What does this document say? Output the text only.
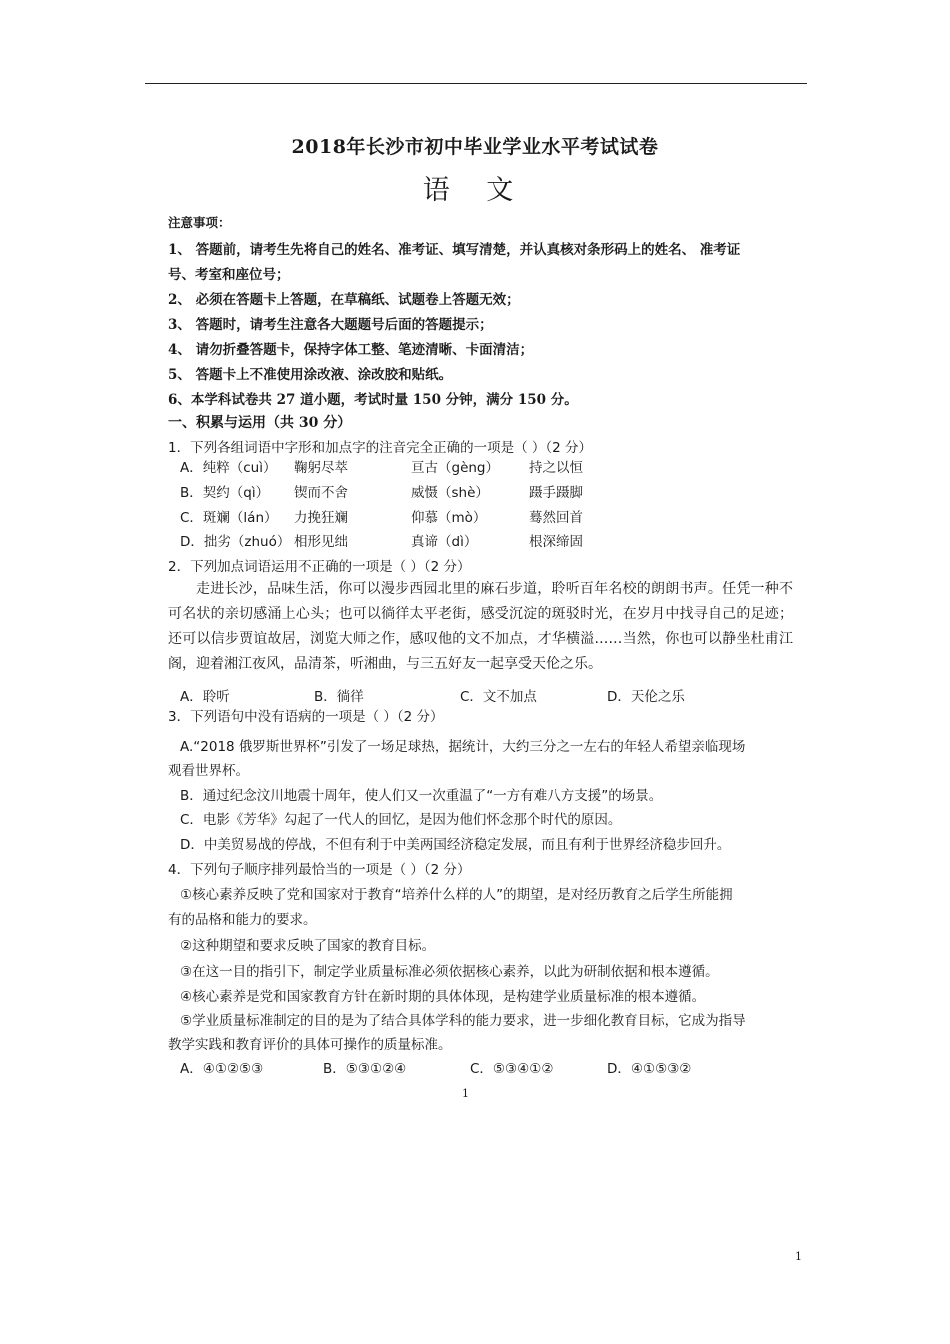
2018年长沙市初中毕业学业水平考试试卷
语 文
注意事项：
1、 答题前，请考生先将自己的姓名、准考证、填写清楚，并认真核对条形码上的姓名、 准考证
号、考室和座位号；
2、 必须在答题卡上答题，在草稿纸、试题卷上答题无效；
3、 答题时，请考生注意各大题题号后面的答题提示；
4、 请勿折叠答题卡，保持字体工整、笔迹清晰、卡面清洁；
5、 答题卡上不准使用涂改液、涂改胶和贴纸。
6、本学科试卷共 27 道小题，考试时量 150 分钟，满分 150 分。
一、积累与运用（共 30 分）
1．下列各组词语中字形和加点字的注音完全正确的一项是（ ）（2 分）
A．纯粹（cuì） 鞠躬尽萃	亘古（gèng） 持之以恒
B．契约（qì） 锲而不舍	威慑（shè）	蹑手蹑脚
C．斑斓（lán） 力挽狂斓	仰慕（mò）	蓦然回首
D．拙劣（zhuó） 相形见绌	真谛（dì）	根深缔固
2．下列加点词语运用不正确的一项是（ ）（2 分）
走进长沙，品味生活，你可以漫步西园北里的麻石步道，聆听百年名校的朗朗书声。任凭一种不可名状的亲切感涌上心头；也可以徜徉太平老街，感受沉淀的斑驳时光，在岁月中找寻自己的足迹；还可以信步贾谊故居，浏览大师之作，感叹他的文不加点，才华横溢……当然，你也可以静坐杜甫江阁，迎着湘江夜风，品清茶，听湘曲，与三五好友一起享受天伦之乐。
A．聆听	B．徜徉	C．文不加点	D．天伦之乐
3．下列语句中没有语病的一项是（ ）（2 分）
A.“2018 俄罗斯世界杯”引发了一场足球热，据统计，大约三分之一左右的年轻人希望亲临现场
观看世界杯。
B．通过纪念汶川地震十周年，使人们又一次重温了“一方有难八方支援”的场景。
C．电影《芳华》勾起了一代人的回忆，是因为他们怀念那个时代的原因。
D．中美贸易战的停战，不但有利于中美两国经济稳定发展，而且有利于世界经济稳步回升。
4．下列句子顺序排列最恰当的一项是（ ）（2 分）
①核心素养反映了党和国家对于教育“培养什么样的人”的期望，是对经历教育之后学生所能拥
有的品格和能力的要求。
②这种期望和要求反映了国家的教育目标。
③在这一目的指引下，制定学业质量标准必须依据核心素养，以此为研制依据和根本遵循。
④核心素养是党和国家教育方针在新时期的具体体现，是构建学业质量标准的根本遵循。
⑤学业质量标准制定的目的是为了结合具体学科的能力要求，进一步细化教育目标，它成为指导
教学实践和教育评价的具体可操作的质量标准。
A．④①②⑤③	B．⑤③①②④	C．⑤③④①②	D．④①⑤③②
1
1
